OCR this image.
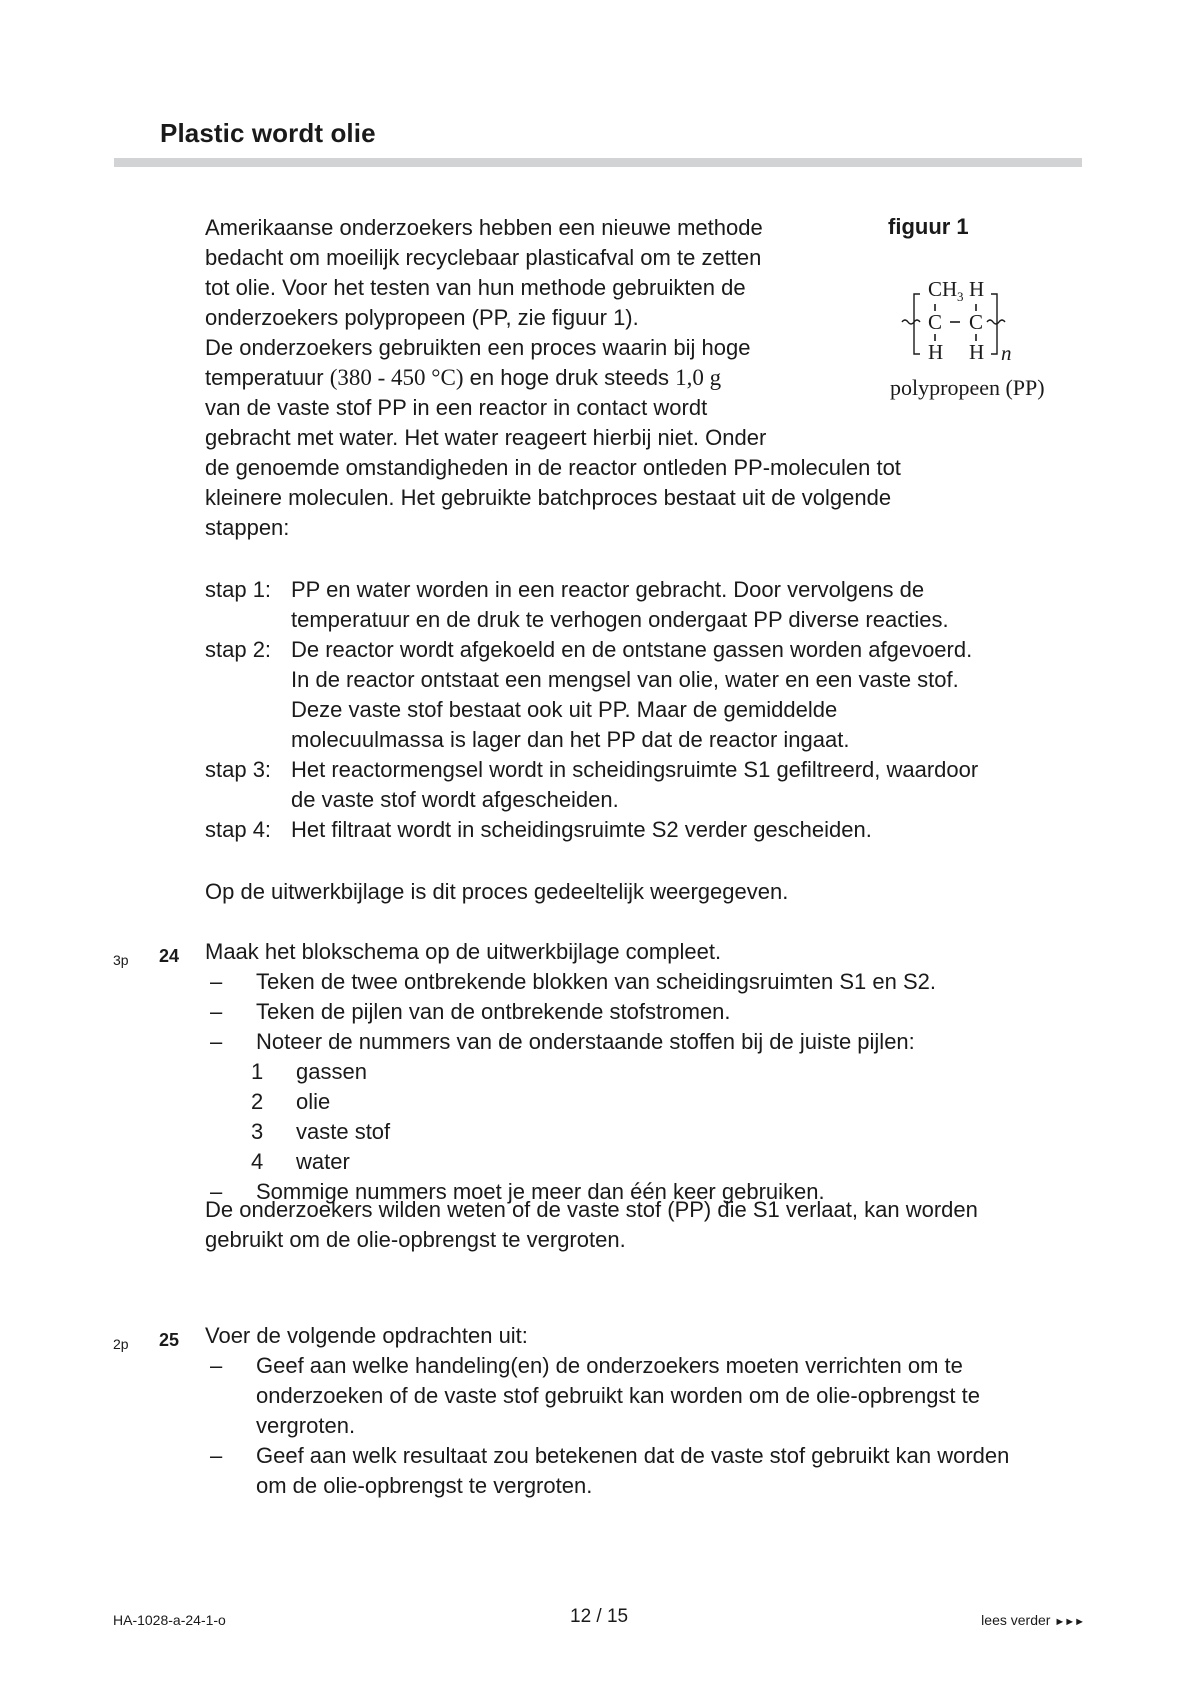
Plastic wordt olie
Amerikaanse onderzoekers hebben een nieuwe methode
bedacht om moeilijk recyclebaar plasticafval om te zetten
tot olie. Voor het testen van hun methode gebruikten de
onderzoekers polypropeen (PP, zie figuur 1).
De onderzoekers gebruikten een proces waarin bij hoge
temperatuur (380 - 450 °C) en hoge druk steeds 1,0 g
van de vaste stof PP in een reactor in contact wordt
gebracht met water. Het water reageert hierbij niet. Onder
de genoemde omstandigheden in de reactor ontleden PP-moleculen tot
kleinere moleculen. Het gebruikte batchproces bestaat uit de volgende
stappen:
figuur 1
CH 3 H
C C
H H n
polypropeen (PP)
stap 1: PP en water worden in een reactor gebracht. Door vervolgens de
temperatuur en de druk te verhogen ondergaat PP diverse reacties.
stap 2: De reactor wordt afgekoeld en de ontstane gassen worden afgevoerd.
In de reactor ontstaat een mengsel van olie, water en een vaste stof.
Deze vaste stof bestaat ook uit PP. Maar de gemiddelde
molecuulmassa is lager dan het PP dat de reactor ingaat.
stap 3: Het reactormengsel wordt in scheidingsruimte S1 gefiltreerd, waardoor
de vaste stof wordt afgescheiden.
stap 4: Het filtraat wordt in scheidingsruimte S2 verder gescheiden.
Op de uitwerkbijlage is dit proces gedeeltelijk weergegeven.
3p 24 Maak het blokschema op de uitwerkbijlage compleet.
–	Teken de twee ontbrekende blokken van scheidingsruimten S1 en S2.
–	Teken de pijlen van de ontbrekende stofstromen.
–	Noteer de nummers van de onderstaande stoffen bij de juiste pijlen:
1	gassen
2	olie
3	vaste stof
4	water
–	Sommige nummers moet je meer dan één keer gebruiken.
De onderzoekers wilden weten of de vaste stof (PP) die S1 verlaat, kan worden
gebruikt om de olie-opbrengst te vergroten.
2p 25 Voer de volgende opdrachten uit:
–	Geef aan welke handeling(en) de onderzoekers moeten verrichten om te
onderzoeken of de vaste stof gebruikt kan worden om de olie-opbrengst te
vergroten.
–	Geef aan welk resultaat zou betekenen dat de vaste stof gebruikt kan worden
om de olie-opbrengst te vergroten.
HA-1028-a-24-1-o	12 / 15	lees verder ►►►
